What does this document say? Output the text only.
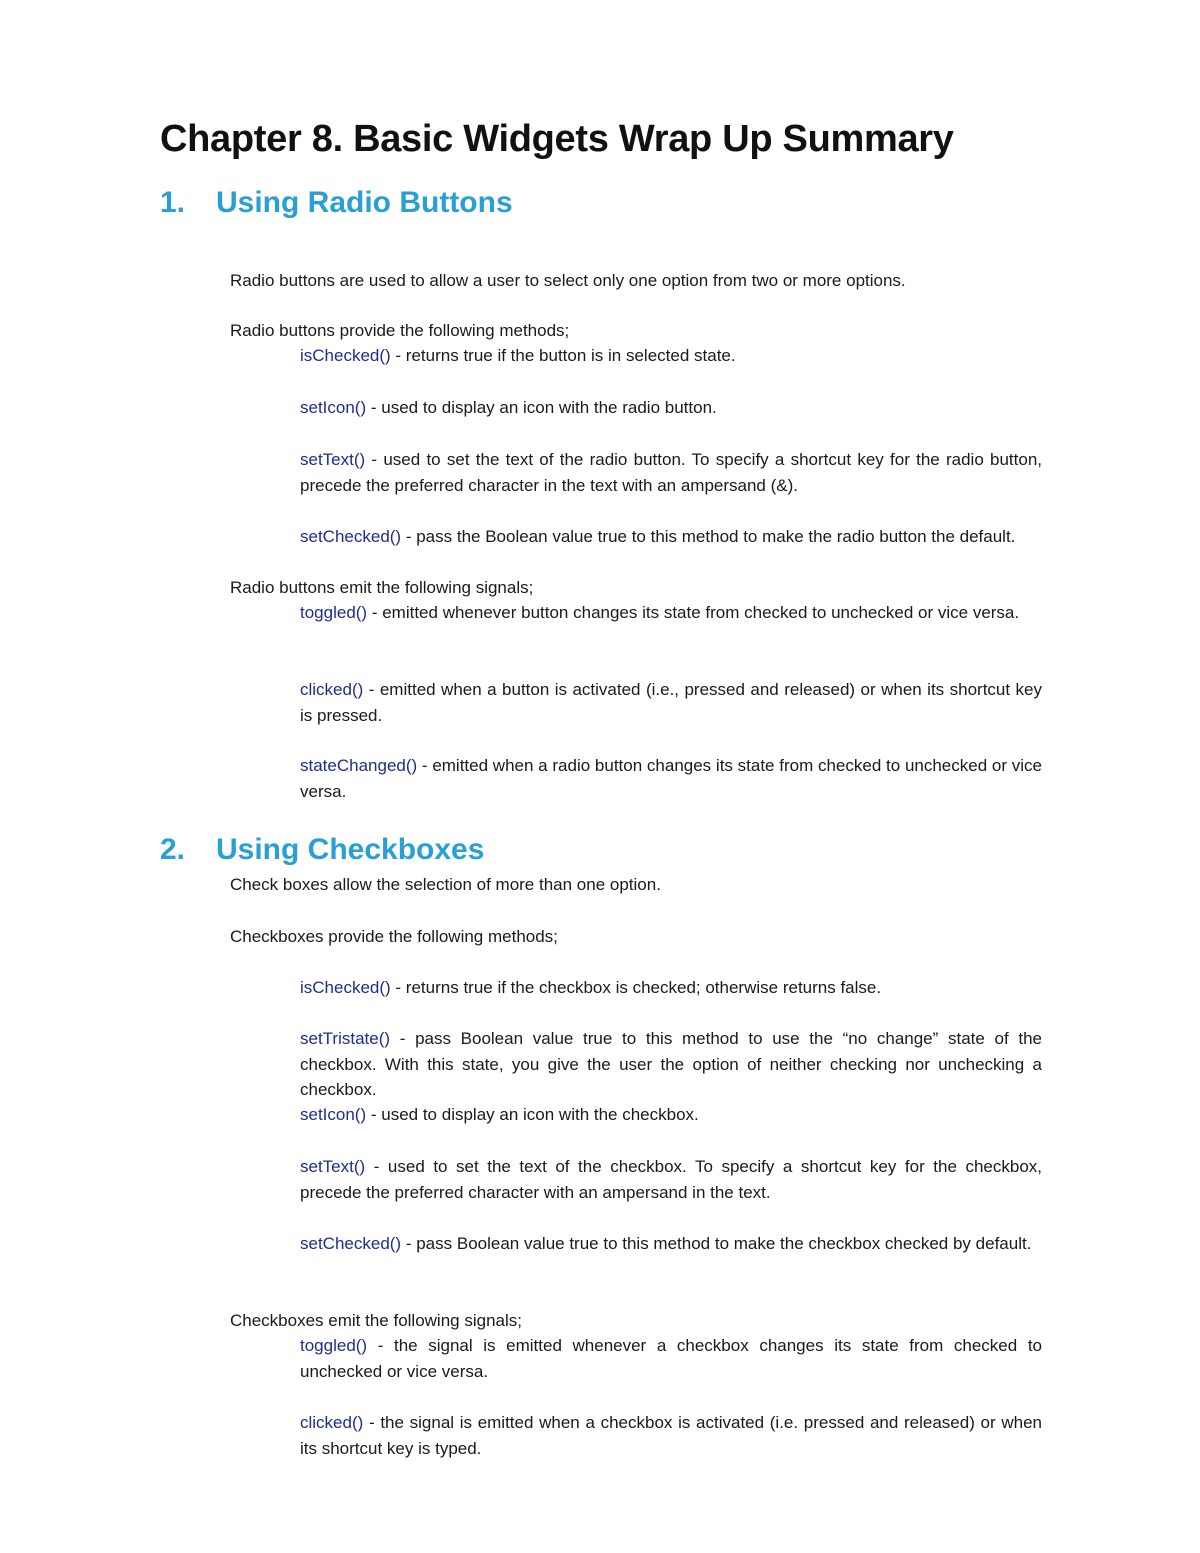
Chapter 8. Basic Widgets Wrap Up Summary
1. Using Radio Buttons

Radio buttons are used to allow a user to select only one option from two or more options.

Radio buttons provide the following methods;

isChecked() - returns true if the button is in selected state.

setIcon() - used to display an icon with the radio button.

setText() - used to set the text of the radio button. To specify a shortcut key for the radio button, precede the preferred character in the text with an ampersand (&).

setChecked() - pass the Boolean value true to this method to make the radio button the default.

Radio buttons emit the following signals;

toggled() - emitted whenever button changes its state from checked to unchecked or vice versa.

clicked() - emitted when a button is activated (i.e., pressed and released) or when its shortcut key is pressed.

stateChanged() - emitted when a radio button changes its state from checked to unchecked or vice versa.

2. Using Checkboxes

Check boxes allow the selection of more than one option.

Checkboxes provide the following methods;

isChecked() - returns true if the checkbox is checked; otherwise returns false.

setTristate() - pass Boolean value true to this method to use the “no change” state of the checkbox. With this state, you give the user the option of neither checking nor unchecking a checkbox.

setIcon() - used to display an icon with the checkbox.

setText() - used to set the text of the checkbox. To specify a shortcut key for the checkbox, precede the preferred character with an ampersand in the text.

setChecked() - pass Boolean value true to this method to make the checkbox checked by default.

Checkboxes emit the following signals;

toggled() - the signal is emitted whenever a checkbox changes its state from checked to unchecked or vice versa.

clicked() - the signal is emitted when a checkbox is activated (i.e. pressed and released) or when its shortcut key is typed.
